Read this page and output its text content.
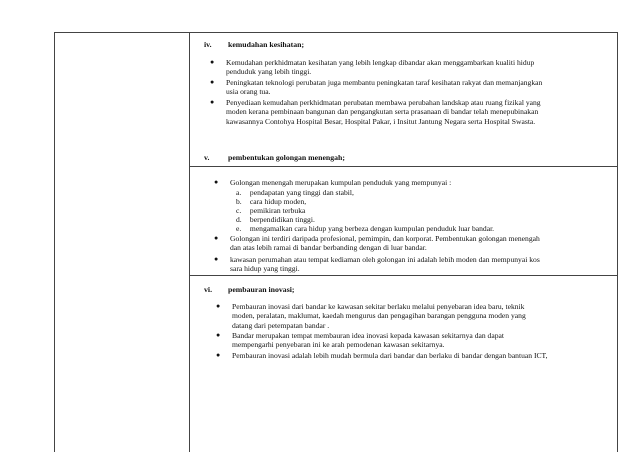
iv.	kemudahan kesihatan;
● Kemudahan perkhidmatan kesihatan yang lebih lengkap dibandar akan menggambarkan kualiti hidup
penduduk yang lebih tinggi.
● Peningkatan teknologi perubatan juga membantu peningkatan taraf kesihatan rakyat dan memanjangkan
usia orang tua.
● Penyediaan kemudahan perkhidmatan perubatan membawa perubahan landskap atau ruang fizikal yang
moden kerana pembinaan bangunan dan pengangkutan serta prasanaan di bandar telah menepubinakan
kawasannya Contohya Hospital Besar, Hospital Pakar, i Insitut Jantung Negara serta Hospital Swasta.
v.	pembentukan golongan menengah;
● Golongan menengah merupakan kumpulan penduduk yang mempunyai :
a. pendapatan yang tinggi dan stabil,
b. cara hidup moden,
c. pemikiran terbuka
d. berpendidikan tinggi.
e. mengamalkan cara hidup yang berbeza dengan kumpulan penduduk luar bandar.
● Golongan ini terdiri daripada profesional, pemimpin, dan korporat. Pembentukan golongan menengah
dan atas lebih ramai di bandar berbanding dengan di luar bandar.
● kawasan perumahan atau tempat kediaman oleh golongan ini adalah lebih moden dan mempunyai kos
sara hidup yang tinggi.
vi.	pembauran inovasi;
● Pembauran inovasi dari bandar ke kawasan sekitar berlaku melalui penyebaran idea baru, teknik
moden, peralatan, maklumat, kaedah mengurus dan pengagihan barangan pengguna moden yang
datang dari petempatan bandar .
● Bandar merupakan tempat membauran idea inovasi kepada kawasan sekitarnya dan dapat
mempengarhi penyebaran ini ke arah pemodenan kawasan sekitarnya.
● Pembauran inovasi adalah lebih mudah bermula dari bandar dan berlaku di bandar dengan bantuan ICT,
